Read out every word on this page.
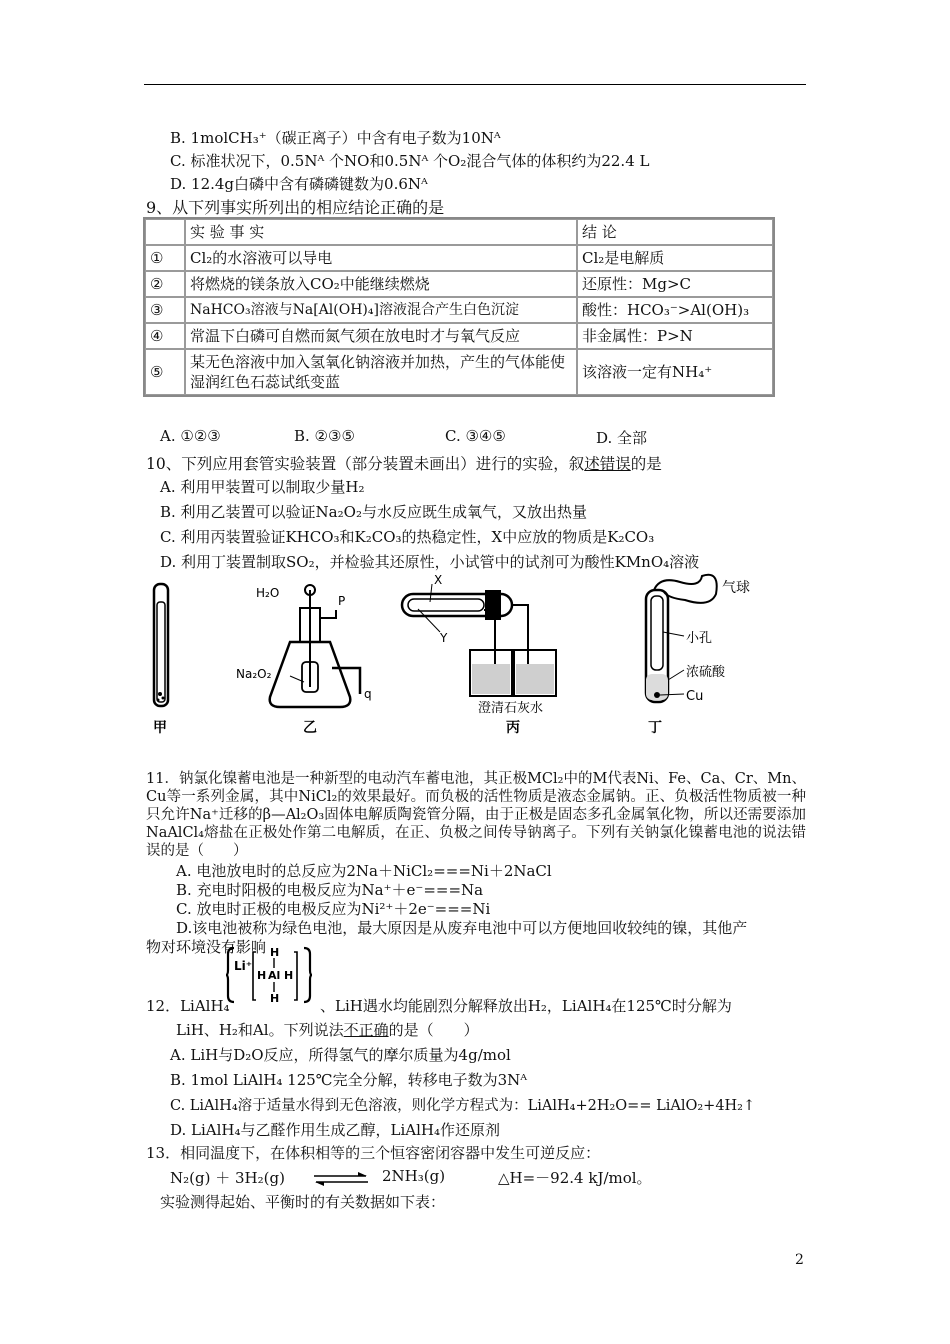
B. 1molCH₃⁺（碳正离子）中含有电子数为10Nᴬ
C. 标准状况下，0.5Nᴬ 个NO和0.5Nᴬ 个O₂混合气体的体积约为22.4 L
D. 12.4g白磷中含有磷磷键数为0.6Nᴬ
9、从下列事实所列出的相应结论正确的是
	实 验 事 实	结 论
①	Cl₂的水溶液可以导电	Cl₂是电解质
②	将燃烧的镁条放入CO₂中能继续燃烧	还原性：Mg>C
③	NaHCO₃溶液与Na[Al(OH)₄]溶液混合产生白色沉淀	酸性：HCO₃⁻>Al(OH)₃
④	常温下白磷可自燃而氮气须在放电时才与氧气反应	非金属性：P>N
⑤	某无色溶液中加入氢氧化钠溶液并加热，产生的气体能使湿润红色石蕊试纸变蓝	该溶液一定有NH₄⁺
A. ①②③	B. ②③⑤	C. ③④⑤	D. 全部
10、下列应用套管实验装置（部分装置未画出）进行的实验，叙述错误的是
A. 利用甲装置可以制取少量H₂
B. 利用乙装置可以验证Na₂O₂与水反应既生成氧气，又放出热量
C. 利用丙装置验证KHCO₃和K₂CO₃的热稳定性，X中应放的物质是K₂CO₃
D. 利用丁装置制取SO₂，并检验其还原性，小试管中的试剂可为酸性KMnO₄溶液
甲
H₂O
P
Na₂O₂
q
乙
X
Y
澄清石灰水
丙
气球
小孔
浓硫酸
Cu
丁
11．钠氯化镍蓄电池是一种新型的电动汽车蓄电池，其正极MCl₂中的M代表Ni、Fe、Ca、Cr、Mn、Cu等一系列金属，其中NiCl₂的效果最好。而负极的活性物质是液态金属钠。正、负极活性物质被一种只允许Na⁺迁移的β—Al₂O₃固体电解质陶瓷管分隔，由于正极是固态多孔金属氧化物，所以还需要添加NaAlCl₄熔盐在正极处作第二电解质，在正、负极之间传导钠离子。下列有关钠氯化镍蓄电池的说法错误的是（　　）
A. 电池放电时的总反应为2Na＋NiCl₂===Ni＋2NaCl
B. 充电时阳极的电极反应为Na⁺＋e⁻===Na
C. 放电时正极的电极反应为Ni²⁺＋2e⁻===Ni
D.该电池被称为绿色电池，最大原因是从废弃电池中可以方便地回收较纯的镍，其他产
物对环境没有影响
12．LiAlH₄
Li⁺
H
H Al H
H	、LiH遇水均能剧烈分解释放出H₂，LiAlH₄在125℃时分解为
LiH、H₂和Al。下列说法不正确的是（　　）
A. LiH与D₂O反应，所得氢气的摩尔质量为4g/mol
B. 1mol LiAlH₄ 125℃完全分解，转移电子数为3Nᴬ
C. LiAlH₄溶于适量水得到无色溶液，则化学方程式为：LiAlH₄+2H₂O== LiAlO₂+4H₂↑
D. LiAlH₄与乙醛作用生成乙醇，LiAlH₄作还原剂
13．相同温度下，在体积相等的三个恒容密闭容器中发生可逆反应：
N₂(g) ＋ 3H₂(g) ⇌ 2NH₃(g)	△H=－92.4 kJ/mol。
实验测得起始、平衡时的有关数据如下表：
2
